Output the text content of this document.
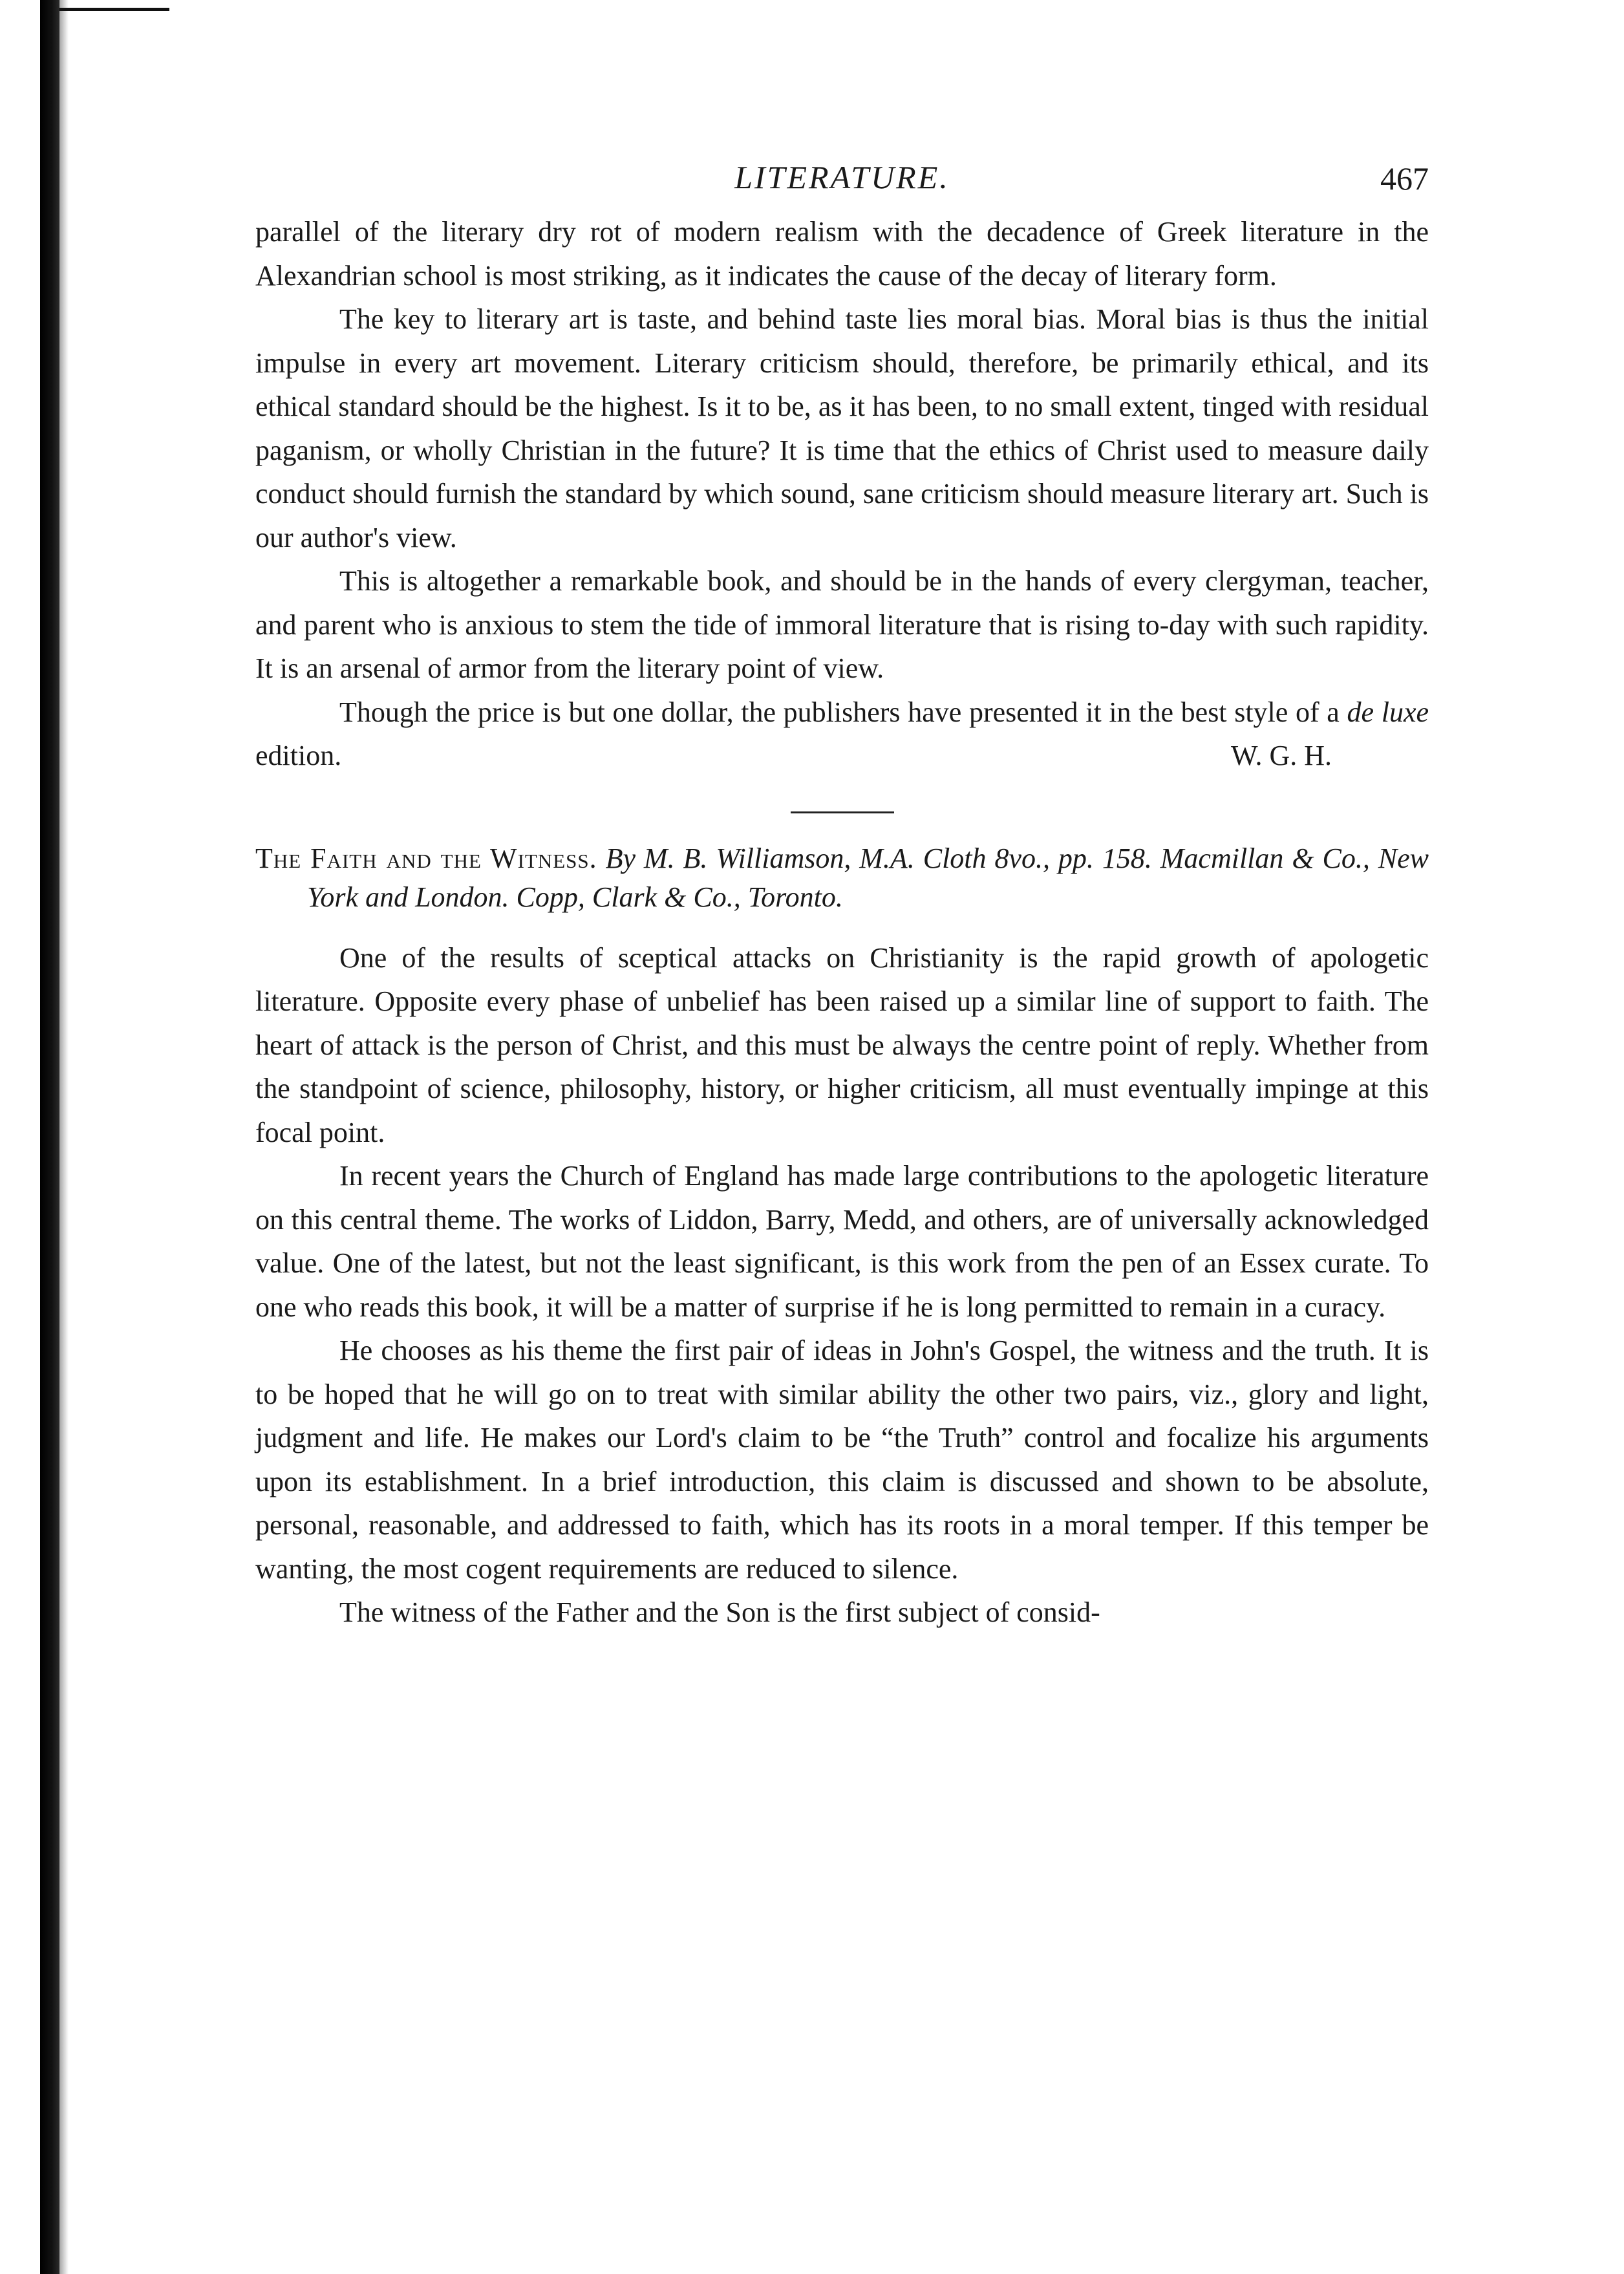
LITERATURE.	467

parallel of the literary dry rot of modern realism with the decadence of Greek literature in the Alexandrian school is most striking, as it indicates the cause of the decay of literary form.

The key to literary art is taste, and behind taste lies moral bias. Moral bias is thus the initial impulse in every art movement. Literary criticism should, therefore, be primarily ethical, and its ethical standard should be the highest. Is it to be, as it has been, to no small extent, tinged with residual paganism, or wholly Christian in the future? It is time that the ethics of Christ used to measure daily conduct should furnish the standard by which sound, sane criticism should measure literary art. Such is our author's view.

This is altogether a remarkable book, and should be in the hands of every clergyman, teacher, and parent who is anxious to stem the tide of immoral literature that is rising to-day with such rapidity. It is an arsenal of armor from the literary point of view.

Though the price is but one dollar, the publishers have presented it in the best style of a de luxe edition.	W. G. H.

The Faith and the Witness. By M. B. Williamson, M.A. Cloth 8vo., pp. 158. Macmillan & Co., New York and London. Copp, Clark & Co., Toronto.

One of the results of sceptical attacks on Christianity is the rapid growth of apologetic literature. Opposite every phase of unbelief has been raised up a similar line of support to faith. The heart of attack is the person of Christ, and this must be always the centre point of reply. Whether from the standpoint of science, philosophy, history, or higher criticism, all must eventually impinge at this focal point.

In recent years the Church of England has made large contributions to the apologetic literature on this central theme. The works of Liddon, Barry, Medd, and others, are of universally acknowledged value. One of the latest, but not the least significant, is this work from the pen of an Essex curate. To one who reads this book, it will be a matter of surprise if he is long permitted to remain in a curacy.

He chooses as his theme the first pair of ideas in John's Gospel, the witness and the truth. It is to be hoped that he will go on to treat with similar ability the other two pairs, viz., glory and light, judgment and life. He makes our Lord's claim to be “the Truth” control and focalize his arguments upon its establishment. In a brief introduction, this claim is discussed and shown to be absolute, personal, reasonable, and addressed to faith, which has its roots in a moral temper. If this temper be wanting, the most cogent requirements are reduced to silence.

The witness of the Father and the Son is the first subject of consid-
